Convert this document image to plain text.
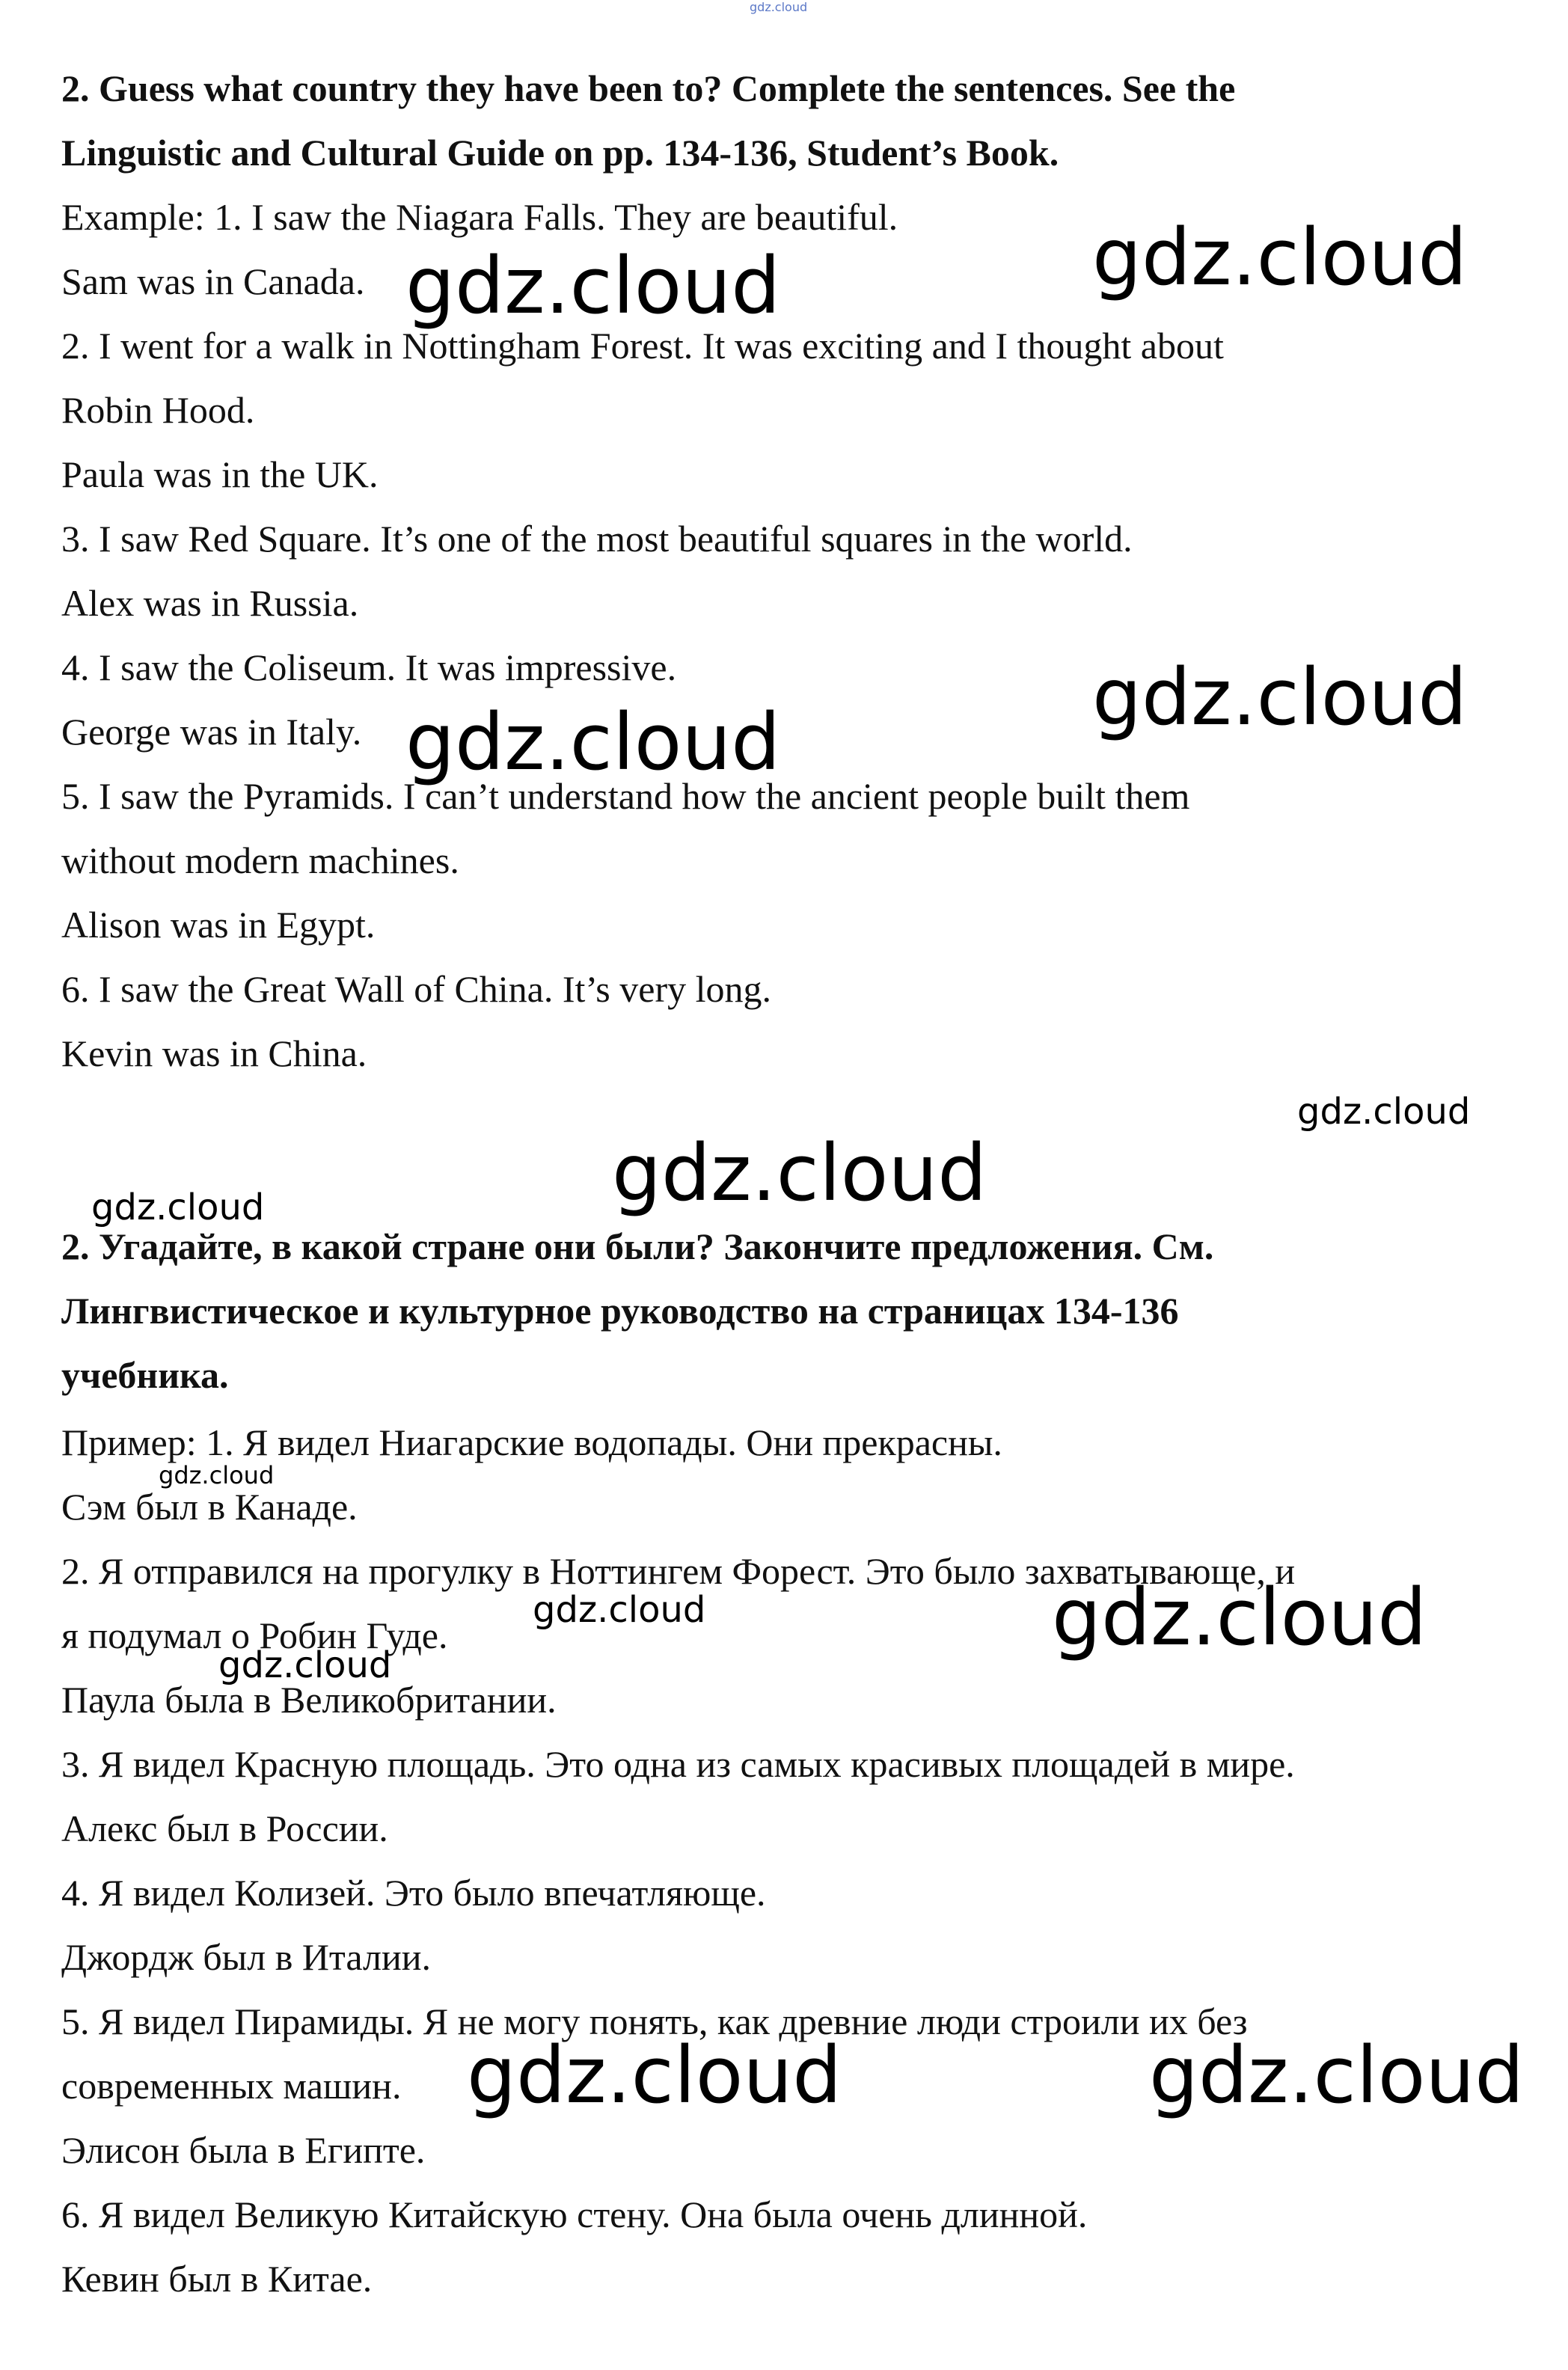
gdz.cloud
2. Guess what country they have been to? Complete the sentences. See the
Linguistic and Cultural Guide on pp. 134-136, Student’s Book.
Example: 1. I saw the Niagara Falls. They are beautiful.
Sam was in Canada.
2. I went for a walk in Nottingham Forest. It was exciting and I thought about
Robin Hood.
Paula was in the UK.
3. I saw Red Square. It’s one of the most beautiful squares in the world.
Alex was in Russia.
4. I saw the Coliseum. It was impressive.
George was in Italy.
5. I saw the Pyramids. I can’t understand how the ancient people built them
without modern machines.
Alison was in Egypt.
6. I saw the Great Wall of China. It’s very long.
Kevin was in China.
2. Угадайте, в какой стране они были? Закончите предложения. См.
Лингвистическое и культурное руководство на страницах 134-136
учебника.
Пример: 1. Я видел Ниагарские водопады. Они прекрасны.
Сэм был в Канаде.
2. Я отправился на прогулку в Ноттингем Форест. Это было захватывающе, и
я подумал о Робин Гуде.
Паула была в Великобритании.
3. Я видел Красную площадь. Это одна из самых красивых площадей в мире.
Алекс был в России.
4. Я видел Колизей. Это было впечатляюще.
Джордж был в Италии.
5. Я видел Пирамиды. Я не могу понять, как древние люди строили их без
современных машин.
Элисон была в Египте.
6. Я видел Великую Китайскую стену. Она была очень длинной.
Кевин был в Китае.
gdz.cloud	gdz.cloud
gdz.cloud
gdz.cloud
gdz.cloud
gdz.cloud
gdz.cloud
gdz.cloud
gdz.cloud	gdz.cloud
gdz.cloud
gdz.cloud	gdz.cloud
